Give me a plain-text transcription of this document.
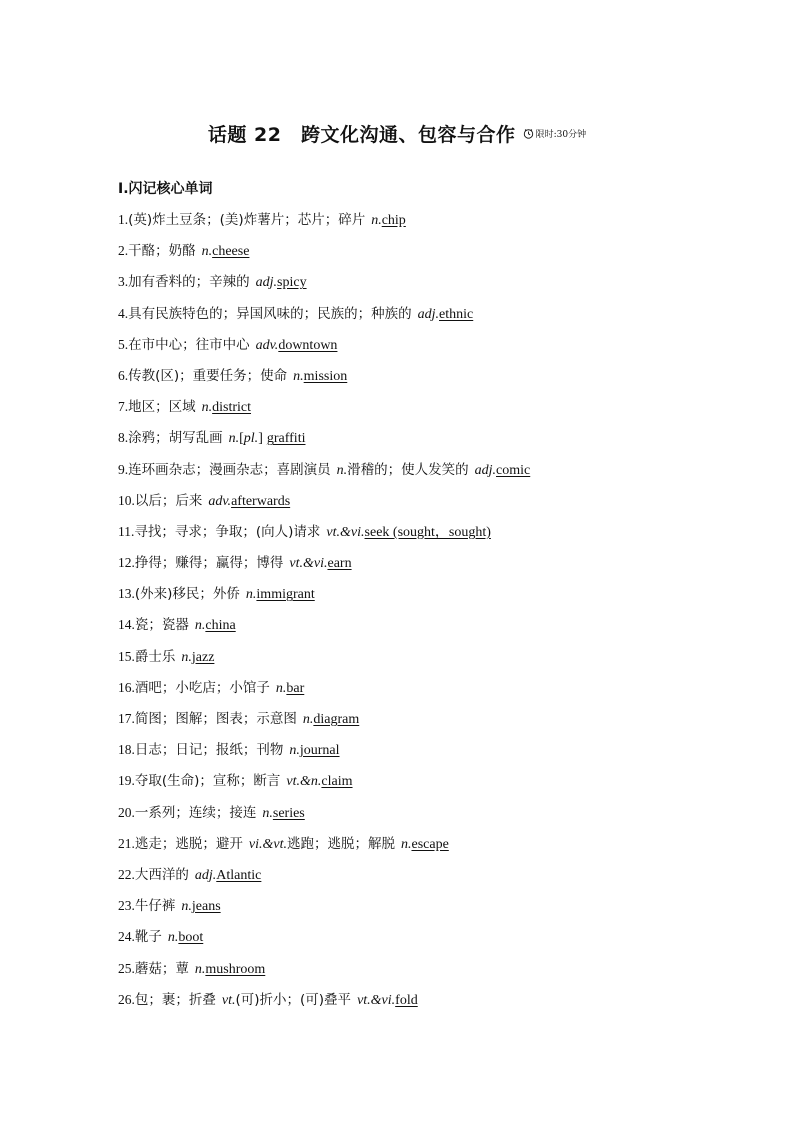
话题 22　跨文化沟通、包容与合作 限时:30分钟
Ⅰ.闪记核心单词
1.(英)炸土豆条；(美)炸薯片；芯片；碎片 n.chip
2.干酪；奶酪 n.cheese
3.加有香料的；辛辣的 adj.spicy
4.具有民族特色的；异国风味的；民族的；种族的 adj.ethnic
5.在市中心；往市中心 adv.downtown
6.传教(区)；重要任务；使命 n.mission
7.地区；区域 n.district
8.涂鸦；胡写乱画 n.[pl.] graffiti
9.连环画杂志；漫画杂志；喜剧演员 n.滑稽的；使人发笑的 adj.comic
10.以后；后来 adv.afterwards
11.寻找；寻求；争取；(向人)请求 vt.&vi.seek (sought，sought)
12.挣得；赚得；赢得；博得 vt.&vi.earn
13.(外来)移民；外侨 n.immigrant
14.瓷；瓷器 n.china
15.爵士乐 n.jazz
16.酒吧；小吃店；小馆子 n.bar
17.简图；图解；图表；示意图 n.diagram
18.日志；日记；报纸；刊物 n.journal
19.夺取(生命)；宣称；断言 vt.&n.claim
20.一系列；连续；接连 n.series
21.逃走；逃脱；避开 vi.&vt.逃跑；逃脱；解脱 n.escape
22.大西洋的 adj.Atlantic
23.牛仔裤 n.jeans
24.靴子 n.boot
25.蘑菇；蕈 n.mushroom
26.包；裹；折叠 vt.(可)折小；(可)叠平 vt.&vi.fold
